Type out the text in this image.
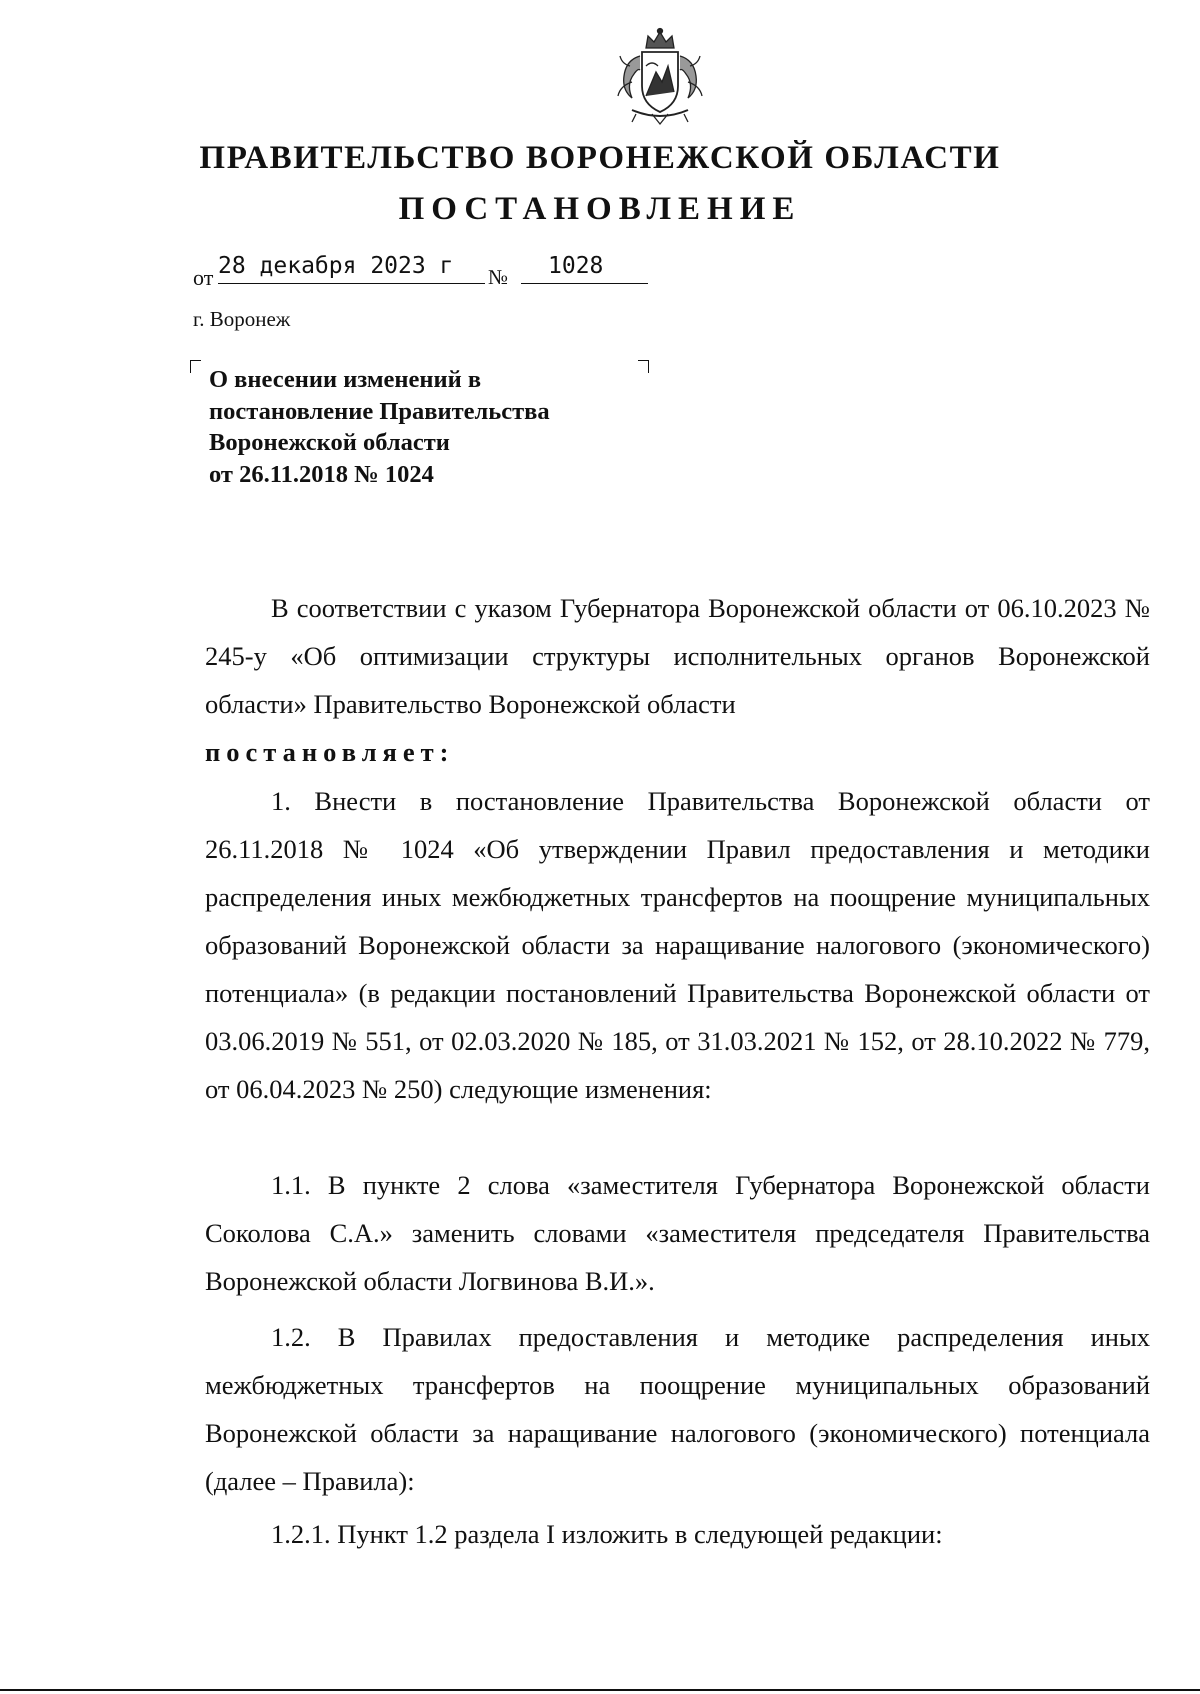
ПРАВИТЕЛЬСТВО ВОРОНЕЖСКОЙ ОБЛАСТИ
ПОСТАНОВЛЕНИЕ
от 28 декабря 2023 г	№ 1028
г. Воронеж
О внесении изменений в
постановление Правительства
Воронежской области
от 26.11.2018 № 1024
В соответствии с указом Губернатора Воронежской области от 06.10.2023 № 245-у «Об оптимизации структуры исполнительных органов Воронежской области» Правительство Воронежской области
постановляет:
1. Внести в постановление Правительства Воронежской области от 26.11.2018 № 1024 «Об утверждении Правил предоставления и методики распределения иных межбюджетных трансфертов на поощрение муниципальных образований Воронежской области за наращивание налогового (экономического) потенциала» (в редакции постановлений Правительства Воронежской области от 03.06.2019 № 551, от 02.03.2020 № 185, от 31.03.2021 № 152, от 28.10.2022 № 779, от 06.04.2023 № 250) следующие изменения:
1.1. В пункте 2 слова «заместителя Губернатора Воронежской области Соколова С.А.» заменить словами «заместителя председателя Правительства Воронежской области Логвинова В.И.».
1.2. В Правилах предоставления и методике распределения иных межбюджетных трансфертов на поощрение муниципальных образований Воронежской области за наращивание налогового (экономического) потенциала (далее – Правила):
1.2.1. Пункт 1.2 раздела I изложить в следующей редакции:
